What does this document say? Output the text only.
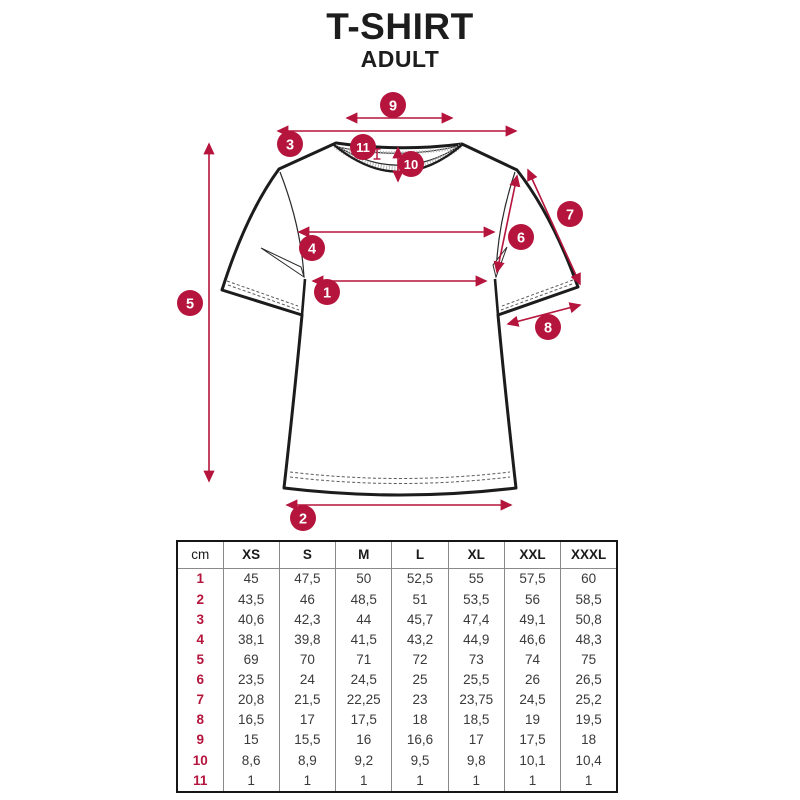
T-SHIRT
ADULT
1
2
3
4
5
6
7
8
9
10
11
cm	XS	S	M	L	XL	XXL	XXXL
1	45	47,5	50	52,5	55	57,5	60
2	43,5	46	48,5	51	53,5	56	58,5
3	40,6	42,3	44	45,7	47,4	49,1	50,8
4	38,1	39,8	41,5	43,2	44,9	46,6	48,3
5	69	70	71	72	73	74	75
6	23,5	24	24,5	25	25,5	26	26,5
7	20,8	21,5	22,25	23	23,75	24,5	25,2
8	16,5	17	17,5	18	18,5	19	19,5
9	15	15,5	16	16,6	17	17,5	18
10	8,6	8,9	9,2	9,5	9,8	10,1	10,4
11	1	1	1	1	1	1	1
